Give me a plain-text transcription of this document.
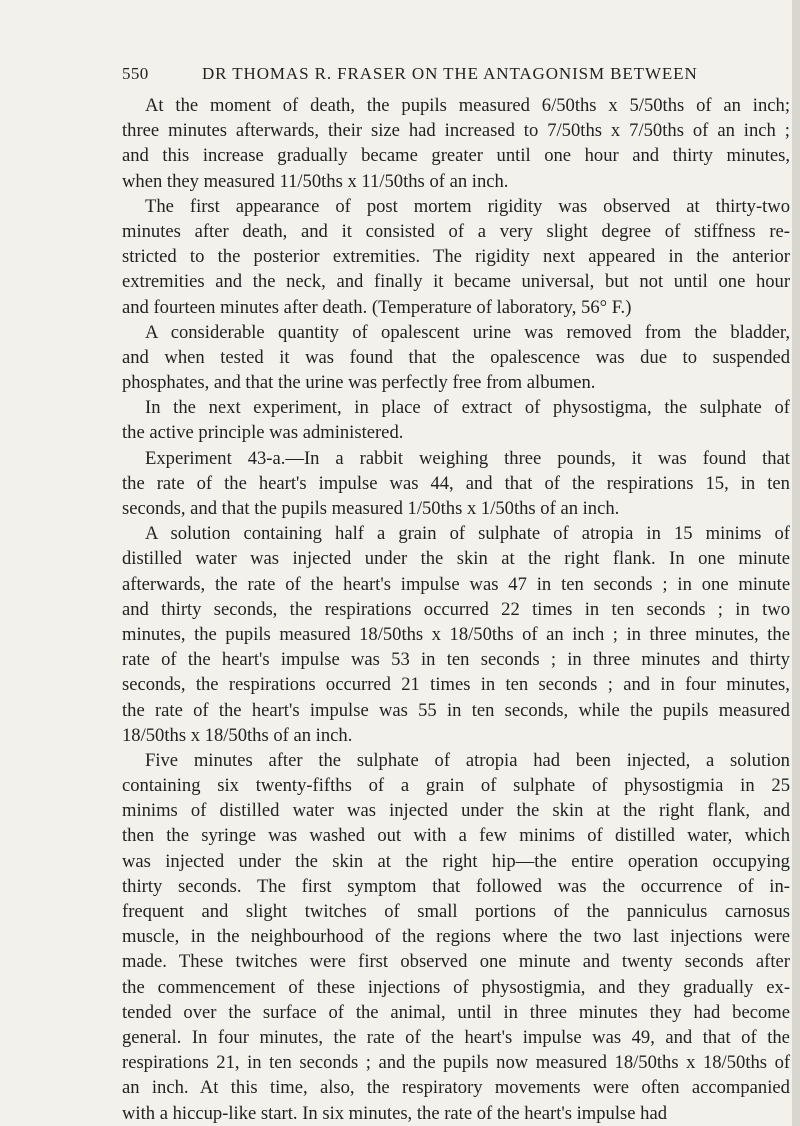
550	DR THOMAS R. FRASER ON THE ANTAGONISM BETWEEN
At the moment of death, the pupils measured 6/50ths x 5/50ths of an inch;
three minutes afterwards, their size had increased to 7/50ths x 7/50ths of an inch ;
and this increase gradually became greater until one hour and thirty minutes,
when they measured 11/50ths x 11/50ths of an inch.
The first appearance of post mortem rigidity was observed at thirty-two
minutes after death, and it consisted of a very slight degree of stiffness re-
stricted to the posterior extremities. The rigidity next appeared in the anterior
extremities and the neck, and finally it became universal, but not until one hour
and fourteen minutes after death. (Temperature of laboratory, 56° F.)
A considerable quantity of opalescent urine was removed from the bladder,
and when tested it was found that the opalescence was due to suspended
phosphates, and that the urine was perfectly free from albumen.
In the next experiment, in place of extract of physostigma, the sulphate of
the active principle was administered.
Experiment 43-a.—In a rabbit weighing three pounds, it was found that
the rate of the heart's impulse was 44, and that of the respirations 15, in ten
seconds, and that the pupils measured 1/50ths x 1/50ths of an inch.
A solution containing half a grain of sulphate of atropia in 15 minims of
distilled water was injected under the skin at the right flank. In one minute
afterwards, the rate of the heart's impulse was 47 in ten seconds ; in one minute
and thirty seconds, the respirations occurred 22 times in ten seconds ; in two
minutes, the pupils measured 18/50ths x 18/50ths of an inch ; in three minutes, the
rate of the heart's impulse was 53 in ten seconds ; in three minutes and thirty
seconds, the respirations occurred 21 times in ten seconds ; and in four minutes,
the rate of the heart's impulse was 55 in ten seconds, while the pupils measured
18/50ths x 18/50ths of an inch.
Five minutes after the sulphate of atropia had been injected, a solution
containing six twenty-fifths of a grain of sulphate of physostigmia in 25
minims of distilled water was injected under the skin at the right flank, and
then the syringe was washed out with a few minims of distilled water, which
was injected under the skin at the right hip—the entire operation occupying
thirty seconds. The first symptom that followed was the occurrence of in-
frequent and slight twitches of small portions of the panniculus carnosus
muscle, in the neighbourhood of the regions where the two last injections were
made. These twitches were first observed one minute and twenty seconds after
the commencement of these injections of physostigmia, and they gradually ex-
tended over the surface of the animal, until in three minutes they had become
general. In four minutes, the rate of the heart's impulse was 49, and that of the
respirations 21, in ten seconds ; and the pupils now measured 18/50ths x 18/50ths of
an inch. At this time, also, the respiratory movements were often accompanied
with a hiccup-like start. In six minutes, the rate of the heart's impulse had
